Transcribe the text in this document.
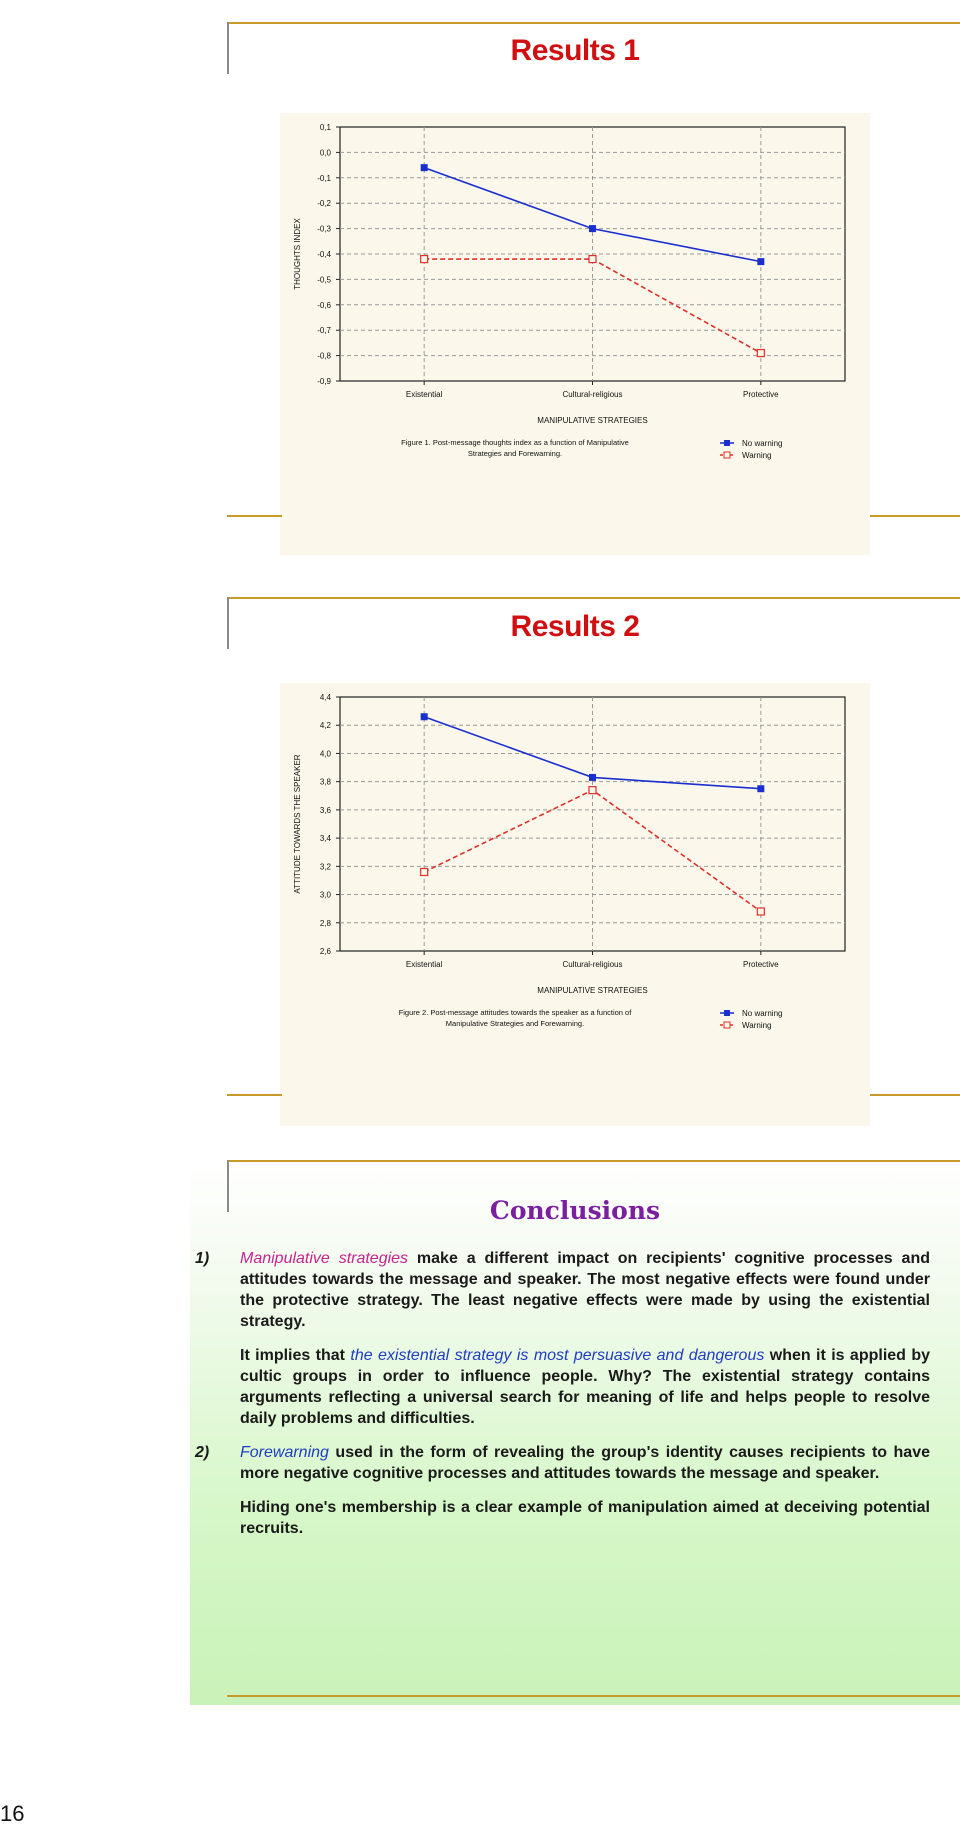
Results 1
0,1
0,0
-0,1
-0,2
-0,3
-0,4
-0,5
-0,6
-0,7
-0,8
-0,9
Existential	Cultural-religious	Protective
THOUGHTS INDEX
MANIPULATIVE STRATEGIES
Figure 1. Post-message thoughts index as a function of Manipulative
Strategies and Forewarning.
No warning
Warning
Results 2
4,4
4,2
4,0
3,8
3,6
3,4
3,2
3,0
2,8
2,6
Existential	Cultural-religious	Protective
ATTITUDE TOWARDS THE SPEAKER
MANIPULATIVE STRATEGIES
Figure 2. Post-message attitudes towards the speaker as a function of
Manipulative Strategies and Forewarning.
No warning
Warning
Conclusions
1) Manipulative strategies make a different impact on recipients' cognitive processes and attitudes towards the message and speaker. The most negative effects were found under the protective strategy. The least negative effects were made by using the existential strategy.
It implies that the existential strategy is most persuasive and dangerous when it is applied by cultic groups in order to influence people. Why? The existential strategy contains arguments reflecting a universal search for meaning of life and helps people to resolve daily problems and difficulties.
2) Forewarning used in the form of revealing the group's identity causes recipients to have more negative cognitive processes and attitudes towards the message and speaker.
Hiding one's membership is a clear example of manipulation aimed at deceiving potential recruits.
16
